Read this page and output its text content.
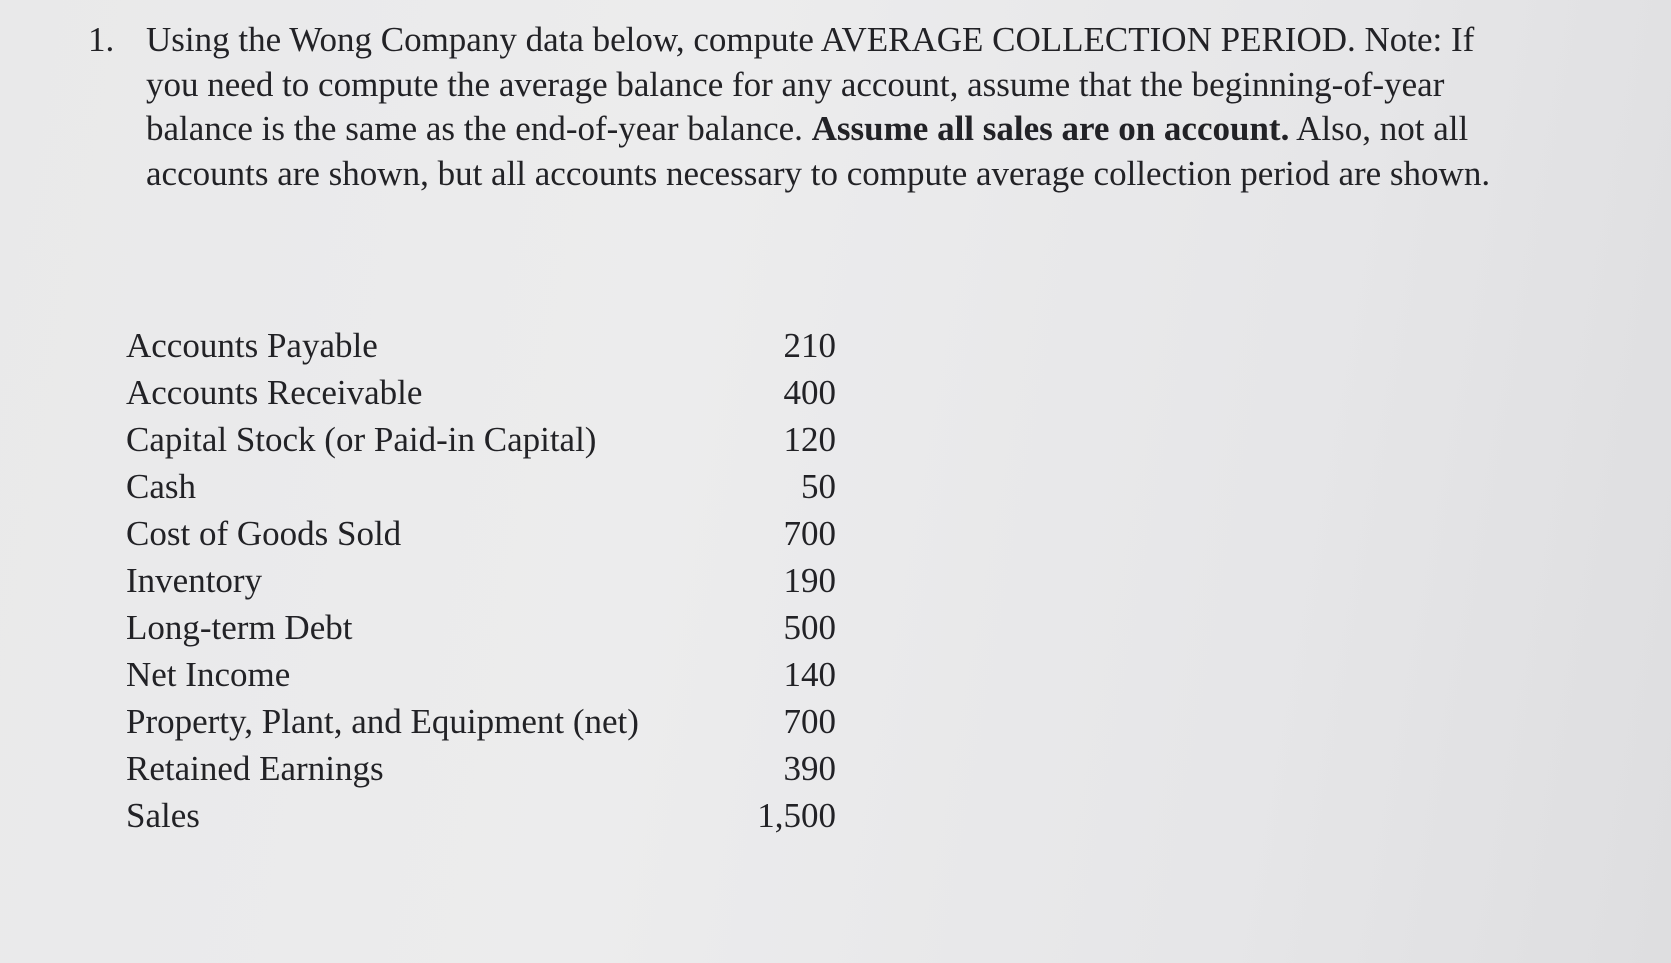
1. Using the Wong Company data below, compute AVERAGE COLLECTION PERIOD. Note: If you need to compute the average balance for any account, assume that the beginning-of-year balance is the same as the end-of-year balance. Assume all sales are on account. Also, not all accounts are shown, but all accounts necessary to compute average collection period are shown.
Accounts Payable	210
Accounts Receivable	400
Capital Stock (or Paid-in Capital)	120
Cash	50
Cost of Goods Sold	700
Inventory	190
Long-term Debt	500
Net Income	140
Property, Plant, and Equipment (net)	700
Retained Earnings	390
Sales	1,500
